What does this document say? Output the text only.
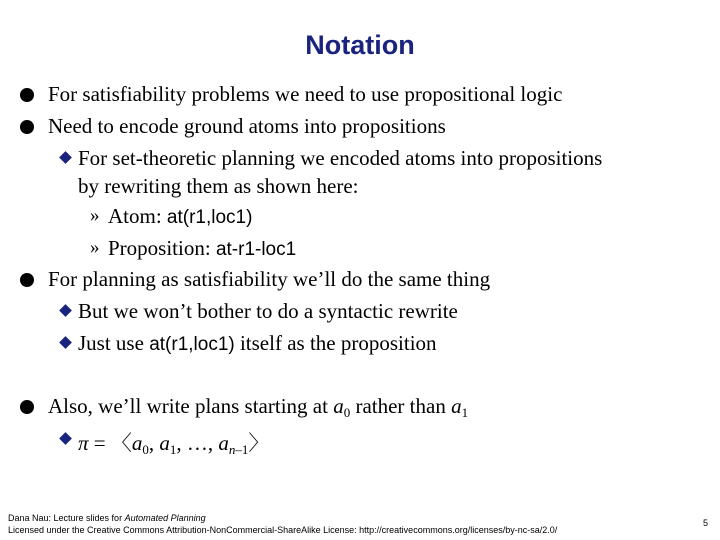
Notation
For satisfiability problems we need to use propositional logic
Need to encode ground atoms into propositions
For set-theoretic planning we encoded atoms into propositions
by rewriting them as shown here:
» Atom: at(r1,loc1)
» Proposition: at-r1-loc1
For planning as satisfiability we’ll do the same thing
But we won’t bother to do a syntactic rewrite
Just use at(r1,loc1) itself as the proposition
Also, we’ll write plans starting at $a_0$ rather than $a_1$
π = 〈$a_0$, $a_1$, …, $a_{n-1}$〉
Dana Nau: Lecture slides for Automated Planning
Licensed under the Creative Commons Attribution-NonCommercial-ShareAlike License: http://creativecommons.org/licenses/by-nc-sa/2.0/
5
